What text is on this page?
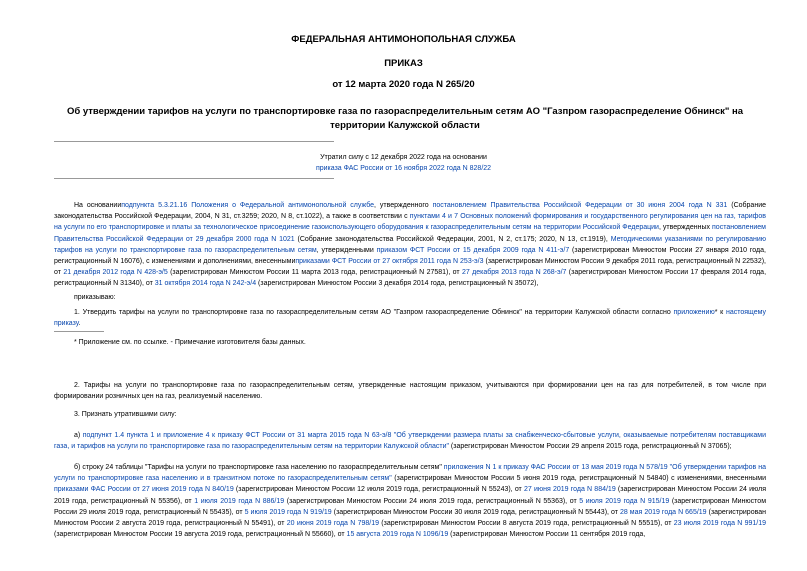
ФЕДЕРАЛЬНАЯ АНТИМОНОПОЛЬНАЯ СЛУЖБА
ПРИКАЗ
от 12 марта 2020 года N 265/20
Об утверждении тарифов на услуги по транспортировке газа по газораспределительным сетям АО "Газпром газораспределение Обнинск" на территории Калужской области
Утратил силу с 12 декабря 2022 года на основании
приказа ФАС России от 16 ноября 2022 года N 828/22
На основанииподпункта 5.3.21.16 Положения о Федеральной антимонопольной службе, утвержденного постановлением Правительства Российской Федерации от 30 июня 2004 года N 331 (Собрание законодательства Российской Федерации, 2004, N 31, ст.3259; 2020, N 8, ст.1022), а также в соответствии с пунктами 4 и 7 Основных положений формирования и государственного регулирования цен на газ, тарифов на услуги по его транспортировке и платы за технологическое присоединение газоиспользующего оборудования к газораспределительным сетям на территории Российской Федерации, утвержденных постановлением Правительства Российской Федерации от 29 декабря 2000 года N 1021 (Собрание законодательства Российской Федерации, 2001, N 2, ст.175; 2020, N 13, ст.1919), Методическими указаниями по регулированию тарифов на услуги по транспортировке газа по газораспределительным сетям, утвержденными приказом ФСТ России от 15 декабря 2009 года N 411-э/7 (зарегистрирован Минюстом России 27 января 2010 года, регистрационный N 16076), с изменениями и дополнениями, внесеннымиприказами ФСТ России от 27 октября 2011 года N 253-э/3 (зарегистрирован Минюстом России 9 декабря 2011 года, регистрационный N 22532), от 21 декабря 2012 года N 428-э/5 (зарегистрирован Минюстом России 11 марта 2013 года, регистрационный N 27581), от 27 декабря 2013 года N 268-э/7 (зарегистрирован Минюстом России 17 февраля 2014 года, регистрационный N 31340), от 31 октября 2014 года N 242-э/4 (зарегистрирован Минюстом России 3 декабря 2014 года, регистрационный N 35072),
приказываю:
1. Утвердить тарифы на услуги по транспортировке газа по газораспределительным сетям АО "Газпром газораспределение Обнинск" на территории Калужской области согласно приложению* к настоящему приказу.
* Приложение см. по ссылке. - Примечание изготовителя базы данных.
2. Тарифы на услуги по транспортировке газа по газораспределительным сетям, утвержденные настоящим приказом, учитываются при формировании цен на газ для потребителей, в том числе при формировании розничных цен на газ, реализуемый населению.
3. Признать утратившими силу:
а) подпункт 1.4 пункта 1 и приложение 4 к приказу ФСТ России от 31 марта 2015 года N 63-э/8 "Об утверждении размера платы за снабженческо-сбытовые услуги, оказываемые потребителям поставщиками газа, и тарифов на услуги по транспортировке газа по газораспределительным сетям на территории Калужской области" (зарегистрирован Минюстом России 29 апреля 2015 года, регистрационный N 37065);
б) строку 24 таблицы "Тарифы на услуги по транспортировке газа населению по газораспределительным сетям" приложения N 1 к приказу ФАС России от 13 мая 2019 года N 578/19 "Об утверждении тарифов на услуги по транспортировке газа населению и в транзитном потоке по газораспределительным сетям" (зарегистрирован Минюстом России 5 июня 2019 года, регистрационный N 54840) с изменениями, внесенными приказами ФАС России от 27 июня 2019 года N 840/19 (зарегистрирован Минюстом России 12 июля 2019 года, регистрационный N 55243), от 27 июня 2019 года N 884/19 (зарегистрирован Минюстом России 24 июля 2019 года, регистрационный N 55356), от 1 июля 2019 года N 886/19 (зарегистрирован Минюстом России 24 июля 2019 года, регистрационный N 55363), от 5 июля 2019 года N 915/19 (зарегистрирован Минюстом России 29 июля 2019 года, регистрационный N 55435), от 5 июля 2019 года N 919/19 (зарегистрирован Минюстом России 30 июля 2019 года, регистрационный N 55443), от 28 мая 2019 года N 665/19 (зарегистрирован Минюстом России 2 августа 2019 года, регистрационный N 55491), от 20 июня 2019 года N 798/19 (зарегистрирован Минюстом России 8 августа 2019 года, регистрационный N 55515), от 23 июля 2019 года N 991/19 (зарегистрирован Минюстом России 19 августа 2019 года, регистрационный N 55660), от 15 августа 2019 года N 1096/19 (зарегистрирован Минюстом России 11 сентября 2019 года,
